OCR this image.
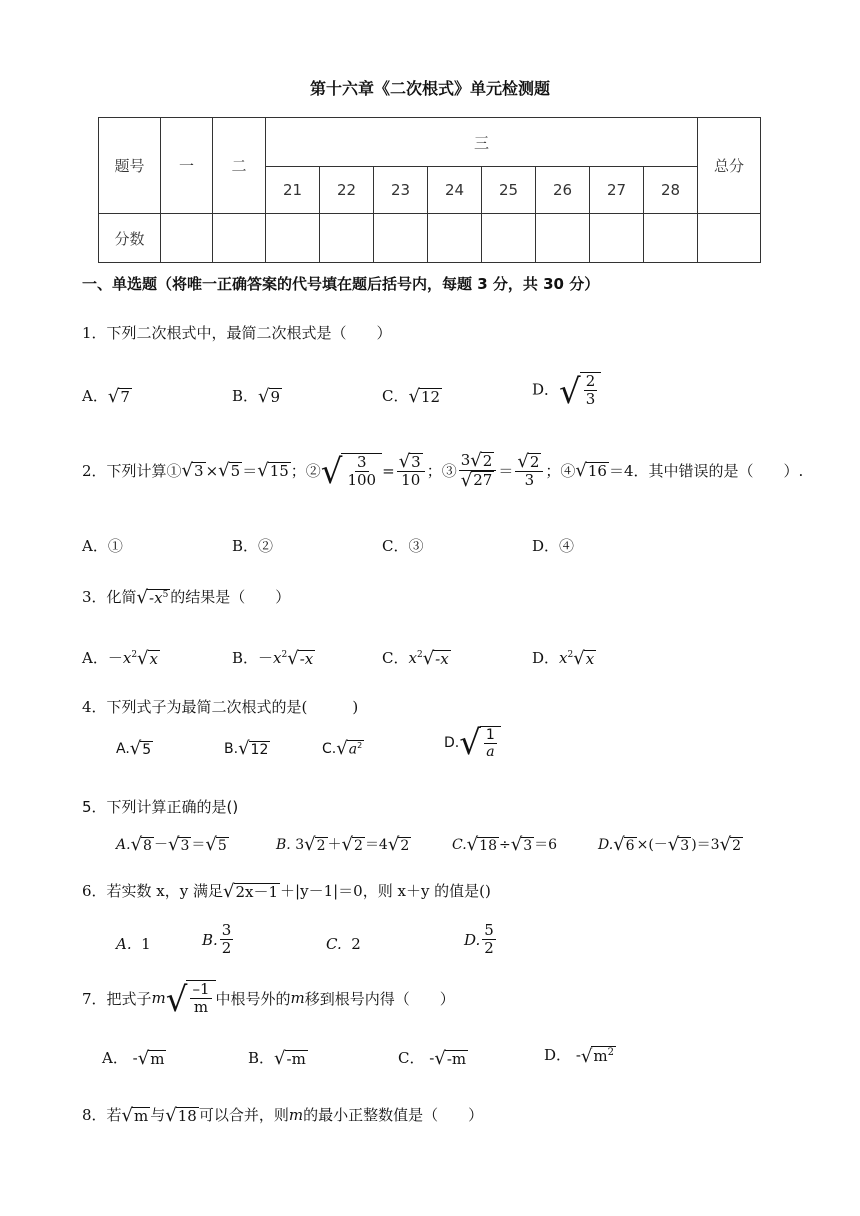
第十六章《二次根式》单元检测题
题号	一	二	三								总分
			21	22	23	24	25	26	27	28	
分数											
一、单选题（将唯一正确答案的代号填在题后括号内，每题 3 分，共 30 分）
1．下列二次根式中，最简二次根式是（　　）
A． √ 7	B． √ 9	C． √ 12	D． √ $\frac{2}{3}$
2．下列计算① √ 3 × √ 5 ＝ √ 15 ；② √ $\frac{3}{100} = \frac{√ 3}{10}$ ；③ $\frac{3 √ 2}{√ 27} = \frac{√ 2}{3}$ ；④ √ 16 ＝4．其中错误的是（　　）.
A．①	B．②	C．③	D．④
3．化简 √ $-x^5$ 的结果是（　　）
A．$-x^2$ √ x	B．$-x^2$ √ -x	C．$x^2$ √ -x	D．$x^2$ √ x
4．下列式子为最简二次根式的是(　　　)
A. √ 5	B. √ 12	C. √ $a^2$	D. √ $\frac{1}{a}$
5．下列计算正确的是()
A. √ 8 － √ 3 ＝ √ 5	B. 3 √ 2 ＋ √ 2 ＝4 √ 2	C. √ 18 ÷ √ 3 ＝6	D. √ 6 ×(－ √ 3 )＝3 √ 2
6．若实数 x，y 满足 √ 2x－1 ＋|y－1|＝0，则 x＋y 的值是()
A. 1	B. $\frac{3}{2}$	C. 2	D. $\frac{5}{2}$
7．把式子 m √ $\frac{-1}{m}$ 中根号外的 m 移到根号内得（　　）
A． - √ m	B． √ -m	C． - √ -m	D． - √ $m^2$
8．若 √ m 与 √ 18 可以合并，则m的最小正整数值是（　　）
